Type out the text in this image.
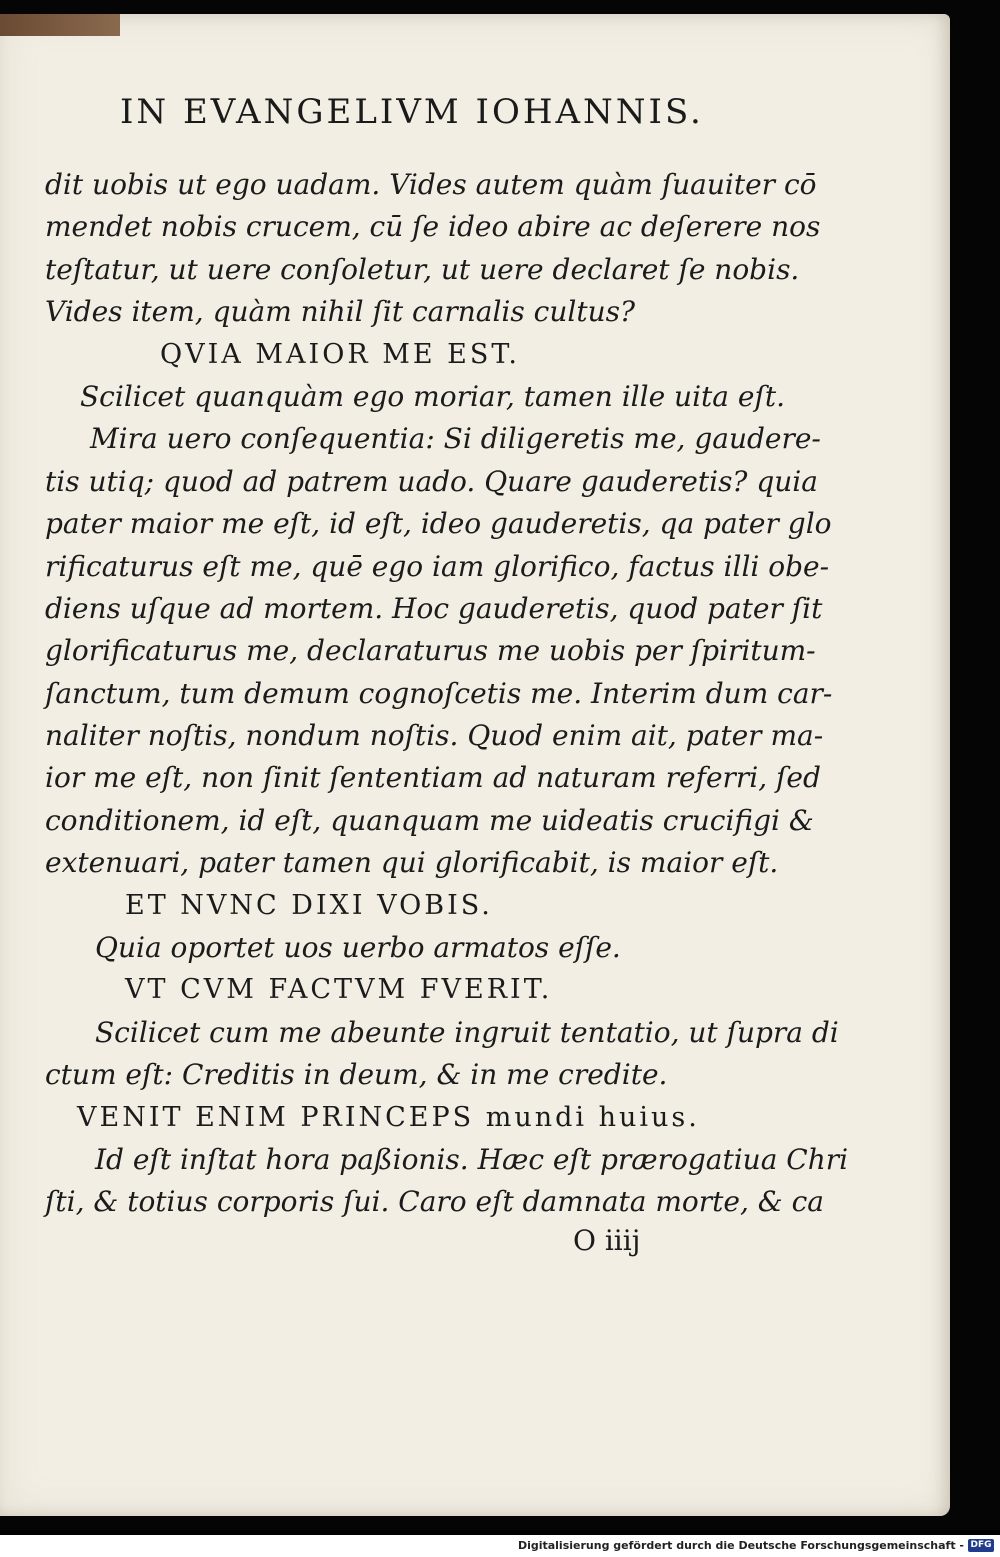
IN EVANGELIVM IOHANNIS.
dit uobis ut ego uadam. Vides autem quàm ſuauiter cō
mendet nobis crucem, cū ſe ideo abire ac deſerere nos
teſtatur, ut uere conſoletur, ut uere declaret ſe nobis.
Vides item, quàm nihil ſit carnalis cultus?
QVIA MAIOR ME EST.
Scilicet quanquàm ego moriar, tamen ille uita eſt.
Mira uero conſequentia: Si diligeretis me, gaudere-
tis utiq; quod ad patrem uado. Quare gauderetis? quia
pater maior me eſt, id eſt, ideo gauderetis, qa pater glo
rificaturus eſt me, quē ego iam glorifico, factus illi obe-
diens uſque ad mortem. Hoc gauderetis, quod pater ſit
glorificaturus me, declaraturus me uobis per ſpiritum-
ſanctum, tum demum cognoſcetis me. Interim dum car-
naliter noſtis, nondum noſtis. Quod enim ait, pater ma-
ior me eſt, non ſinit ſententiam ad naturam referri, ſed
conditionem, id eſt, quanquam me uideatis crucifigi &
extenuari, pater tamen qui glorificabit, is maior eſt.
ET NVNC DIXI VOBIS.
Quia oportet uos uerbo armatos eſſe.
VT CVM FACTVM FVERIT.
Scilicet cum me abeunte ingruit tentatio, ut ſupra di
ctum eſt: Creditis in deum, & in me credite.
VENIT ENIM PRINCEPS mundi huius.
Id eſt inſtat hora paßionis. Hæc eſt prærogatiua Chri
ſti, & totius corporis ſui. Caro eſt damnata morte, & ca
O iiij
Digitalisierung gefördert durch die Deutsche Forschungsgemeinschaft - DFG
